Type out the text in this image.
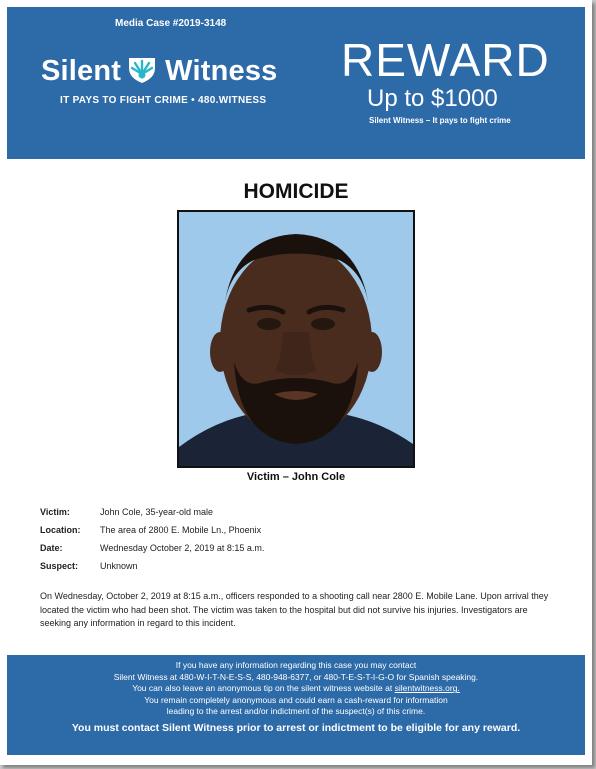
Media Case #2019-3148
Silent Witness
IT PAYS TO FIGHT CRIME • 480.WITNESS
REWARD
Up to $1000
Silent Witness – It pays to fight crime
HOMICIDE
Victim – John Cole
Victim:	John Cole, 35-year-old male
Location: The area of 2800 E. Mobile Ln., Phoenix
Date:	Wednesday October 2, 2019 at 8:15 a.m.
Suspect: Unknown
On Wednesday, October 2, 2019 at 8:15 a.m., officers responded to a shooting call near 2800 E. Mobile Lane. Upon arrival they located the victim who had been shot. The victim was taken to the hospital but did not survive his injuries. Investigators are seeking any information in regard to this incident.
If you have any information regarding this case you may contact
Silent Witness at 480-W-I-T-N-E-S-S, 480-948-6377, or 480-T-E-S-T-I-G-O for Spanish speaking.
You can also leave an anonymous tip on the silent witness website at silentwitness.org.
You remain completely anonymous and could earn a cash-reward for information
leading to the arrest and/or indictment of the suspect(s) of this crime.
You must contact Silent Witness prior to arrest or indictment to be eligible for any reward.
